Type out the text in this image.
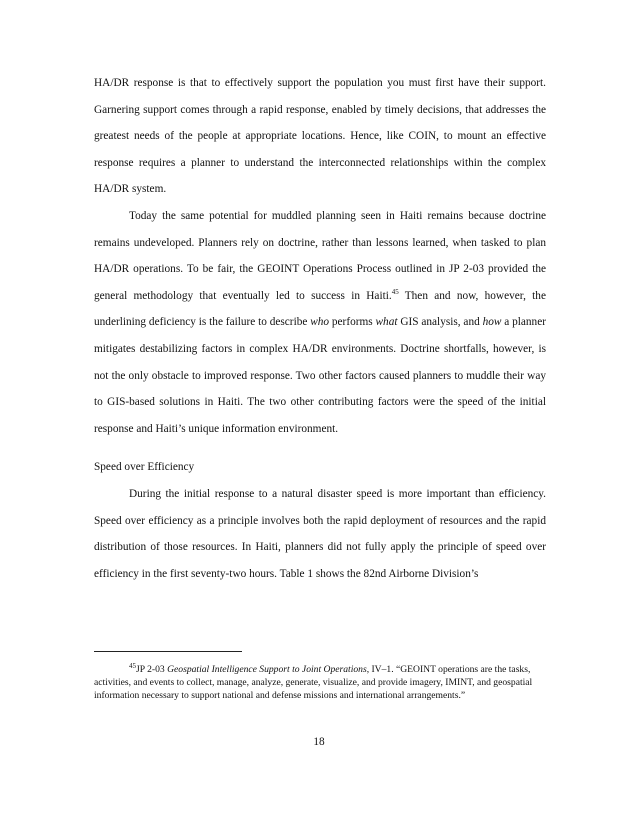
HA/DR response is that to effectively support the population you must first have their support. Garnering support comes through a rapid response, enabled by timely decisions, that addresses the greatest needs of the people at appropriate locations. Hence, like COIN, to mount an effective response requires a planner to understand the interconnected relationships within the complex HA/DR system.

Today the same potential for muddled planning seen in Haiti remains because doctrine remains undeveloped. Planners rely on doctrine, rather than lessons learned, when tasked to plan HA/DR operations. To be fair, the GEOINT Operations Process outlined in JP 2-03 provided the general methodology that eventually led to success in Haiti.$^{45}$ Then and now, however, the underlining deficiency is the failure to describe who performs what GIS analysis, and how a planner mitigates destabilizing factors in complex HA/DR environments. Doctrine shortfalls, however, is not the only obstacle to improved response. Two other factors caused planners to muddle their way to GIS-based solutions in Haiti. The two other contributing factors were the speed of the initial response and Haiti’s unique information environment.

Speed over Efficiency

During the initial response to a natural disaster speed is more important than efficiency. Speed over efficiency as a principle involves both the rapid deployment of resources and the rapid distribution of those resources. In Haiti, planners did not fully apply the principle of speed over efficiency in the first seventy-two hours. Table 1 shows the 82nd Airborne Division’s

$^{45}$JP 2-03 Geospatial Intelligence Support to Joint Operations, IV–1. “GEOINT operations are the tasks, activities, and events to collect, manage, analyze, generate, visualize, and provide imagery, IMINT, and geospatial information necessary to support national and defense missions and international arrangements.”
18
